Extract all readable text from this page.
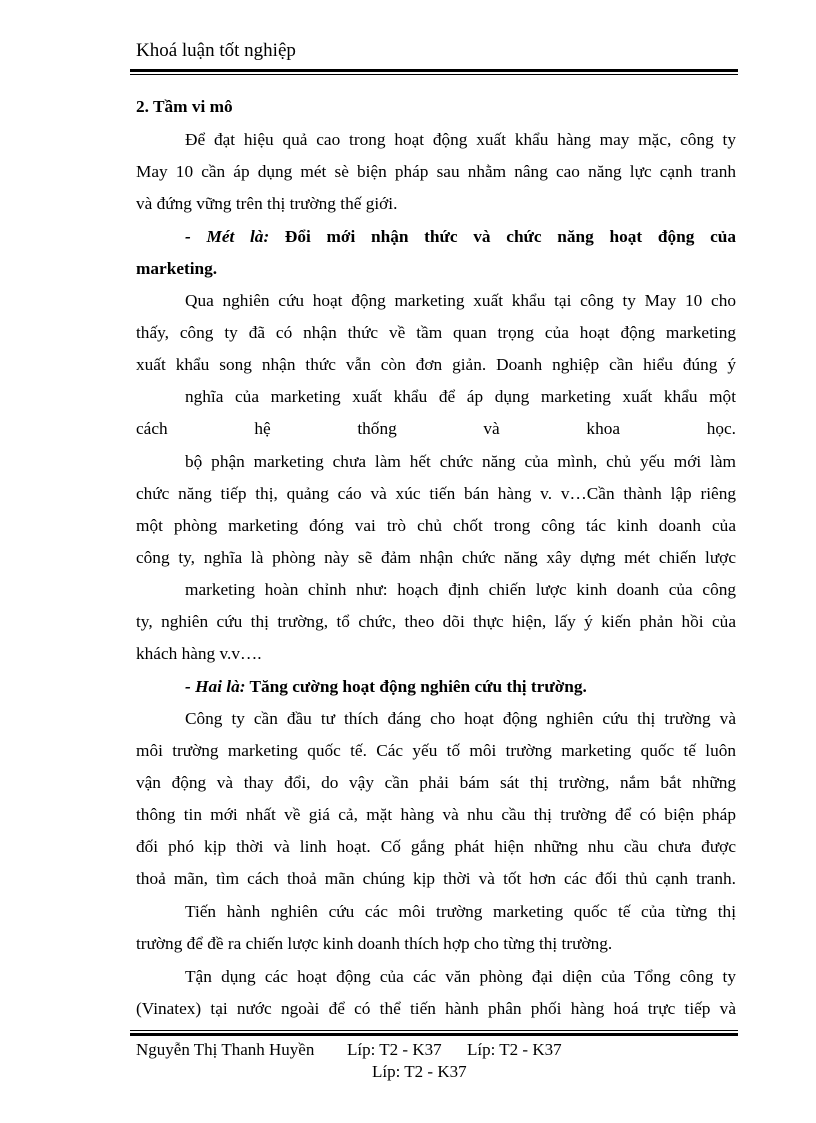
Khoá luận tốt nghiệp
2. Tầm vi mô
Để đạt hiệu quả cao trong hoạt động xuất khẩu hàng may mặc, công ty
May 10 cần áp dụng mét sè biện pháp sau nhằm nâng cao năng lực cạnh tranh
và đứng vững trên thị trường thế giới.
- Mét là: Đổi mới nhận thức và chức năng hoạt động của
marketing.
Qua nghiên cứu hoạt động marketing xuất khẩu tại công ty May 10 cho
thấy, công ty đã có nhận thức về tầm quan trọng của hoạt động marketing
xuất khẩu song nhận thức vẫn còn đơn giản. Doanh nghiệp cần hiểu đúng ý
nghĩa của marketing xuất khẩu để áp dụng marketing xuất khẩu một
cách hệ thống và khoa học.
bộ phận marketing chưa làm hết chức năng của mình, chủ yếu mới làm
chức năng tiếp thị, quảng cáo và xúc tiến bán hàng v. v…Cần thành lập riêng
một phòng marketing đóng vai trò chủ chốt trong công tác kinh doanh của
công ty, nghĩa là phòng này sẽ đảm nhận chức năng xây dựng mét chiến lược
marketing hoàn chỉnh như: hoạch định chiến lược kinh doanh của công
ty, nghiên cứu thị trường, tổ chức, theo dõi thực hiện, lấy ý kiến phản hồi của
khách hàng v.v….
- Hai là: Tăng cường hoạt động nghiên cứu thị trường.
Công ty cần đầu tư thích đáng cho hoạt động nghiên cứu thị trường và
môi trường marketing quốc tế. Các yếu tố môi trường marketing quốc tế luôn
vận động và thay đổi, do vậy cần phải bám sát thị trường, nắm bắt những
thông tin mới nhất về giá cả, mặt hàng và nhu cầu thị trường để có biện pháp
đối phó kịp thời và linh hoạt. Cố gắng phát hiện những nhu cầu chưa được
thoả mãn, tìm cách thoả mãn chúng kịp thời và tốt hơn các đối thủ cạnh tranh.
Tiến hành nghiên cứu các môi trường marketing quốc tế của từng thị
trường để đề ra chiến lược kinh doanh thích hợp cho từng thị trường.
Tận dụng các hoạt động của các văn phòng đại diện của Tổng công ty
(Vinatex) tại nước ngoài để có thể tiến hành phân phối hàng hoá trực tiếp và
Nguyễn Thị Thanh Huyền Líp: T2 - K37 Líp: T2 - K37
Líp: T2 - K37
